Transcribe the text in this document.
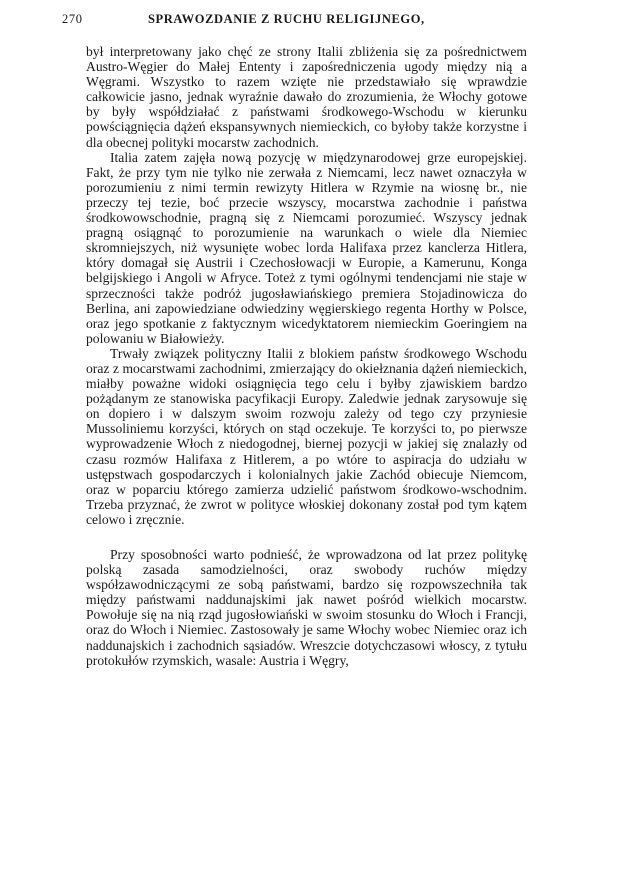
270	SPRAWOZDANIE Z RUCHU RELIGIJNEGO,

był interpretowany jako chęć ze strony Italii zbliżenia się za pośrednictwem Austro-Węgier do Małej Ententy i zapośredniczenia ugody między nią a Węgrami. Wszystko to razem wzięte nie przedstawiało się wprawdzie całkowicie jasno, jednak wyraźnie dawało do zrozumienia, że Włochy gotowe by były współdziałać z państwami środkowego-Wschodu w kierunku powściągnięcia dążeń ekspansywnych niemieckich, co byłoby także korzystne i dla obecnej polityki mocarstw zachodnich.

Italia zatem zajęła nową pozycję w międzynarodowej grze europejskiej. Fakt, że przy tym nie tylko nie zerwała z Niemcami, lecz nawet oznaczyła w porozumieniu z nimi termin rewizyty Hitlera w Rzymie na wiosnę br., nie przeczy tej tezie, boć przecie wszyscy, mocarstwa zachodnie i państwa środkowowschodnie, pragną się z Niemcami porozumieć. Wszyscy jednak pragną osiągnąć to porozumienie na warunkach o wiele dla Niemiec skromniejszych, niż wysunięte wobec lorda Halifaxa przez kanclerza Hitlera, który domagał się Austrii i Czechosłowacji w Europie, a Kamerunu, Konga belgijskiego i Angoli w Afryce. Toteż z tymi ogólnymi tendencjami nie staje w sprzeczności także podróż jugosławiańskiego premiera Stojadinowicza do Berlina, ani zapowiedziane odwiedziny węgierskiego regenta Horthy w Polsce, oraz jego spotkanie z faktycznym wicedyktatorem niemieckim Goeringiem na polowaniu w Białowieży.

Trwały związek polityczny Italii z blokiem państw środkowego Wschodu oraz z mocarstwami zachodnimi, zmierzający do okiełznania dążeń niemieckich, miałby poważne widoki osiągnięcia tego celu i byłby zjawiskiem bardzo pożądanym ze stanowiska pacyfikacji Europy. Zaledwie jednak zarysowuje się on dopiero i w dalszym swoim rozwoju zależy od tego czy przyniesie Mussoliniemu korzyści, których on stąd oczekuje. Te korzyści to, po pierwsze wyprowadzenie Włoch z niedogodnej, biernej pozycji w jakiej się znalazły od czasu rozmów Halifaxa z Hitlerem, a po wtóre to aspiracja do udziału w ustępstwach gospodarczych i kolonialnych jakie Zachód obiecuje Niemcom, oraz w poparciu którego zamierza udzielić państwom środkowo-wschodnim. Trzeba przyznać, że zwrot w polityce włoskiej dokonany został pod tym kątem celowo i zręcznie.

Przy sposobności warto podnieść, że wprowadzona od lat przez politykę polską zasada samodzielności, oraz swobody ruchów między współzawodniczącymi ze sobą państwami, bardzo się rozpowszechniła tak między państwami naddunajskimi jak nawet pośród wielkich mocarstw. Powołuje się na nią rząd jugosłowiański w swoim stosunku do Włoch i Francji, oraz do Włoch i Niemiec. Zastosowały je same Włochy wobec Niemiec oraz ich naddunajskich i zachodnich sąsiadów. Wreszcie dotychczasowi włoscy, z tytułu protokułów rzymskich, wasale: Austria i Węgry,
